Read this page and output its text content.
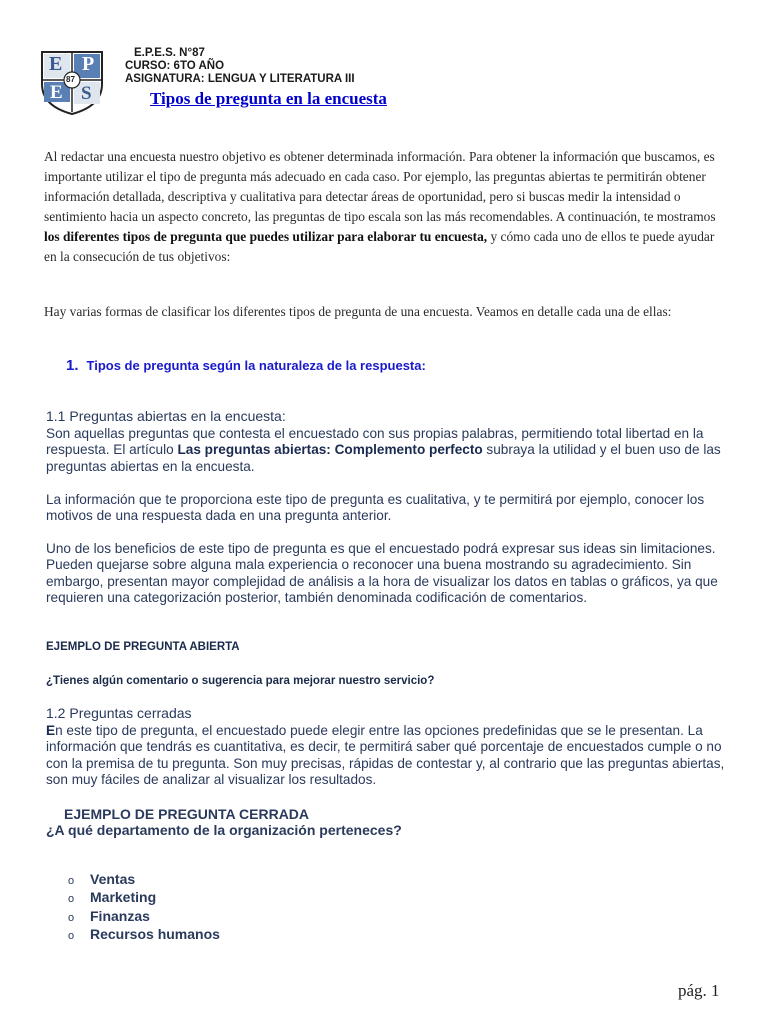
E P
E S
87
E.P.E.S. N°87
CURSO: 6TO AÑO
ASIGNATURA: LENGUA Y LITERATURA III
Tipos de pregunta en la encuesta
Al redactar una encuesta nuestro objetivo es obtener determinada información. Para obtener la información que buscamos, es importante utilizar el tipo de pregunta más adecuado en cada caso. Por ejemplo, las preguntas abiertas te permitirán obtener información detallada, descriptiva y cualitativa para detectar áreas de oportunidad, pero si buscas medir la intensidad o sentimiento hacia un aspecto concreto, las preguntas de tipo escala son las más recomendables. A continuación, te mostramos los diferentes tipos de pregunta que puedes utilizar para elaborar tu encuesta, y cómo cada uno de ellos te puede ayudar en la consecución de tus objetivos:
Hay varias formas de clasificar los diferentes tipos de pregunta de una encuesta. Veamos en detalle cada una de ellas:
1. Tipos de pregunta según la naturaleza de la respuesta:
1.1 Preguntas abiertas en la encuesta:
Son aquellas preguntas que contesta el encuestado con sus propias palabras, permitiendo total libertad en la respuesta. El artículo Las preguntas abiertas: Complemento perfecto subraya la utilidad y el buen uso de las preguntas abiertas en la encuesta.
La información que te proporciona este tipo de pregunta es cualitativa, y te permitirá por ejemplo, conocer los motivos de una respuesta dada en una pregunta anterior.
Uno de los beneficios de este tipo de pregunta es que el encuestado podrá expresar sus ideas sin limitaciones. Pueden quejarse sobre alguna mala experiencia o reconocer una buena mostrando su agradecimiento. Sin embargo, presentan mayor complejidad de análisis a la hora de visualizar los datos en tablas o gráficos, ya que requieren una categorización posterior, también denominada codificación de comentarios.
EJEMPLO DE PREGUNTA ABIERTA
¿Tienes algún comentario o sugerencia para mejorar nuestro servicio?
1.2 Preguntas cerradas
En este tipo de pregunta, el encuestado puede elegir entre las opciones predefinidas que se le presentan. La información que tendrás es cuantitativa, es decir, te permitirá saber qué porcentaje de encuestados cumple o no con la premisa de tu pregunta. Son muy precisas, rápidas de contestar y, al contrario que las preguntas abiertas, son muy fáciles de analizar al visualizar los resultados.
EJEMPLO DE PREGUNTA CERRADA
¿A qué departamento de la organización perteneces?
o Ventas
o Marketing
o Finanzas
o Recursos humanos
pág. 1
